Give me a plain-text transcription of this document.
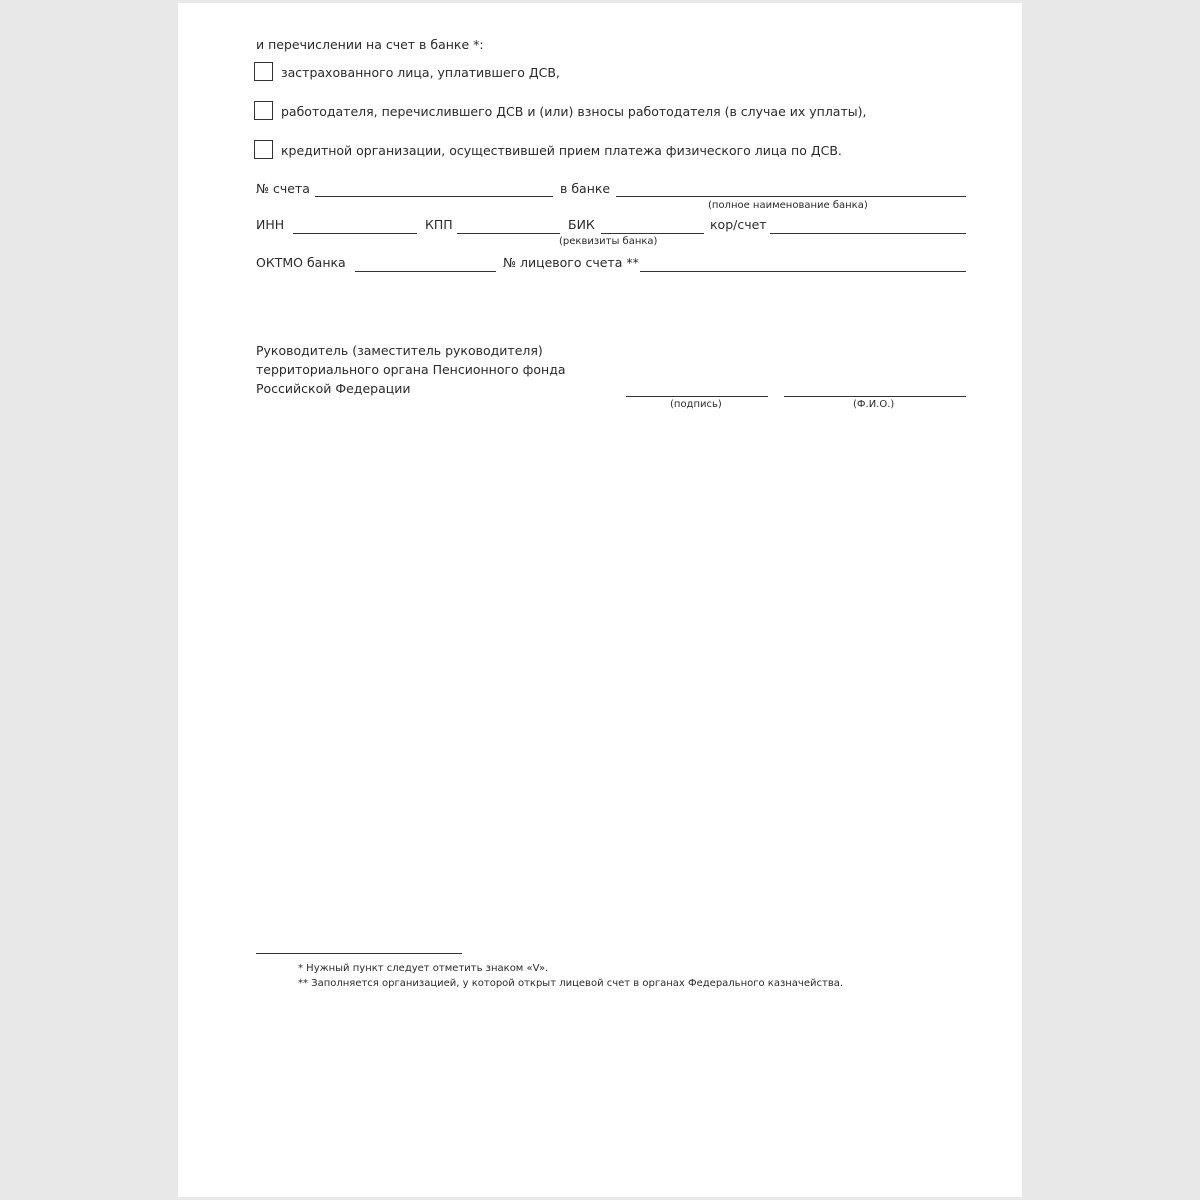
и перечислении на счет в банке *:
застрахованного лица, уплатившего ДСВ,
работодателя, перечислившего ДСВ и (или) взносы работодателя (в случае их уплаты),
кредитной организации, осуществившей прием платежа физического лица по ДСВ.
№ счета	в банке
(полное наименование банка)
ИНН	КПП	БИК	кор/счет
(реквизиты банка)
ОКТМО банка	№ лицевого счета **
Руководитель (заместитель руководителя)
территориального органа Пенсионного фонда
Российской Федерации
(подпись)	(Ф.И.О.)
* Нужный пункт следует отметить знаком «V».
** Заполняется организацией, у которой открыт лицевой счет в органах Федерального казначейства.
